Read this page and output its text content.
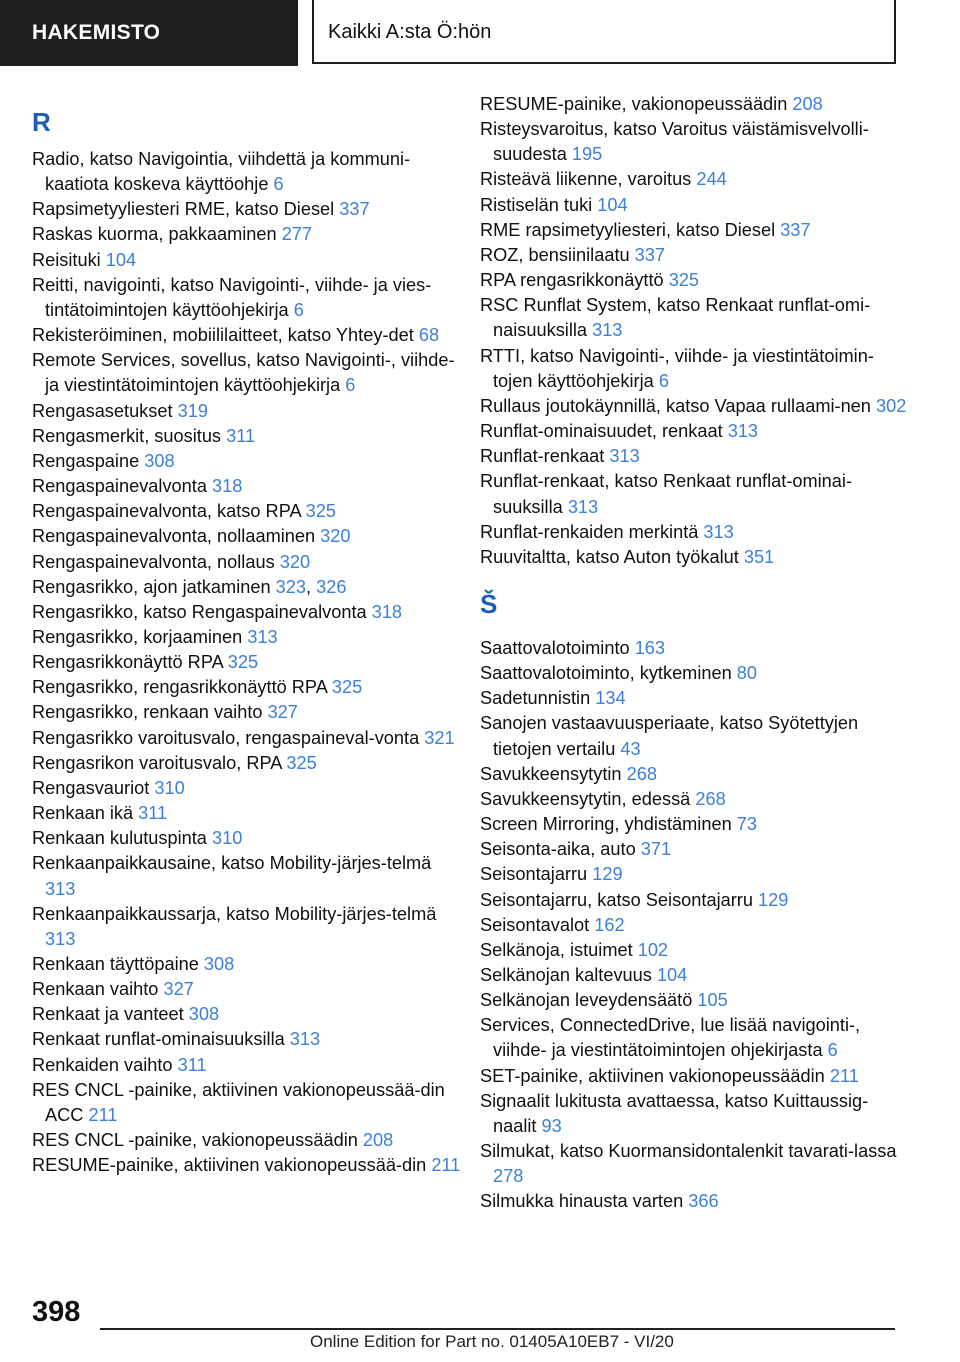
HAKEMISTO	Kaikki A:sta Ö:hön
R
Radio, katso Navigointia, viihdettä ja kommuni-kaatiota koskeva käyttöohje 6
Rapsimetyyliesteri RME, katso Diesel 337
Raskas kuorma, pakkaaminen 277
Reisituki 104
Reitti, navigointi, katso Navigointi-, viihde- ja vies-tintätoimintojen käyttöohjekirja 6
Rekisteröiminen, mobiililaitteet, katso Yhtey-det 68
Remote Services, sovellus, katso Navigointi-, viihde- ja viestintätoimintojen käyttöohjekirja 6
Rengasasetukset 319
Rengasmerkit, suositus 311
Rengaspaine 308
Rengaspainevalvonta 318
Rengaspainevalvonta, katso RPA 325
Rengaspainevalvonta, nollaaminen 320
Rengaspainevalvonta, nollaus 320
Rengasrikko, ajon jatkaminen 323, 326
Rengasrikko, katso Rengaspainevalvonta 318
Rengasrikko, korjaaminen 313
Rengasrikkonäyttö RPA 325
Rengasrikko, rengasrikkonäyttö RPA 325
Rengasrikko, renkaan vaihto 327
Rengasrikko varoitusvalo, rengaspaineval-vonta 321
Rengasrikon varoitusvalo, RPA 325
Rengasvauriot 310
Renkaan ikä 311
Renkaan kulutuspinta 310
Renkaanpaikkausaine, katso Mobility-järjes-telmä 313
Renkaanpaikkaussarja, katso Mobility-järjes-telmä 313
Renkaan täyttöpaine 308
Renkaan vaihto 327
Renkaat ja vanteet 308
Renkaat runflat-ominaisuuksilla 313
Renkaiden vaihto 311
RES CNCL -painike, aktiivinen vakionopeussää-din ACC 211
RES CNCL -painike, vakionopeussäädin 208
RESUME-painike, aktiivinen vakionopeussää-din 211
RESUME-painike, vakionopeussäädin 208
Risteysvaroitus, katso Varoitus väistämisvelvolli-suudesta 195
Risteävä liikenne, varoitus 244
Ristiselän tuki 104
RME rapsimetyyliesteri, katso Diesel 337
ROZ, bensiinilaatu 337
RPA rengasrikkonäyttö 325
RSC Runflat System, katso Renkaat runflat-omi-naisuuksilla 313
RTTI, katso Navigointi-, viihde- ja viestintätoimin-tojen käyttöohjekirja 6
Rullaus joutokäynnillä, katso Vapaa rullaami-nen 302
Runflat-ominaisuudet, renkaat 313
Runflat-renkaat 313
Runflat-renkaat, katso Renkaat runflat-ominai-suuksilla 313
Runflat-renkaiden merkintä 313
Ruuvitaltta, katso Auton työkalut 351
Š
Saattovalotoiminto 163
Saattovalotoiminto, kytkeminen 80
Sadetunnistin 134
Sanojen vastaavuusperiaate, katso Syötettyjen tietojen vertailu 43
Savukkeensytytin 268
Savukkeensytytin, edessä 268
Screen Mirroring, yhdistäminen 73
Seisonta-aika, auto 371
Seisontajarru 129
Seisontajarru, katso Seisontajarru 129
Seisontavalot 162
Selkänoja, istuimet 102
Selkänojan kaltevuus 104
Selkänojan leveydensäätö 105
Services, ConnectedDrive, lue lisää navigointi-, viihde- ja viestintätoimintojen ohjekirjasta 6
SET-painike, aktiivinen vakionopeussäädin 211
Signaalit lukitusta avattaessa, katso Kuittaussig-naalit 93
Silmukat, katso Kuormansidontalenkit tavarati-lassa 278
Silmukka hinausta varten 366
398
Online Edition for Part no. 01405A10EB7 - VI/20
